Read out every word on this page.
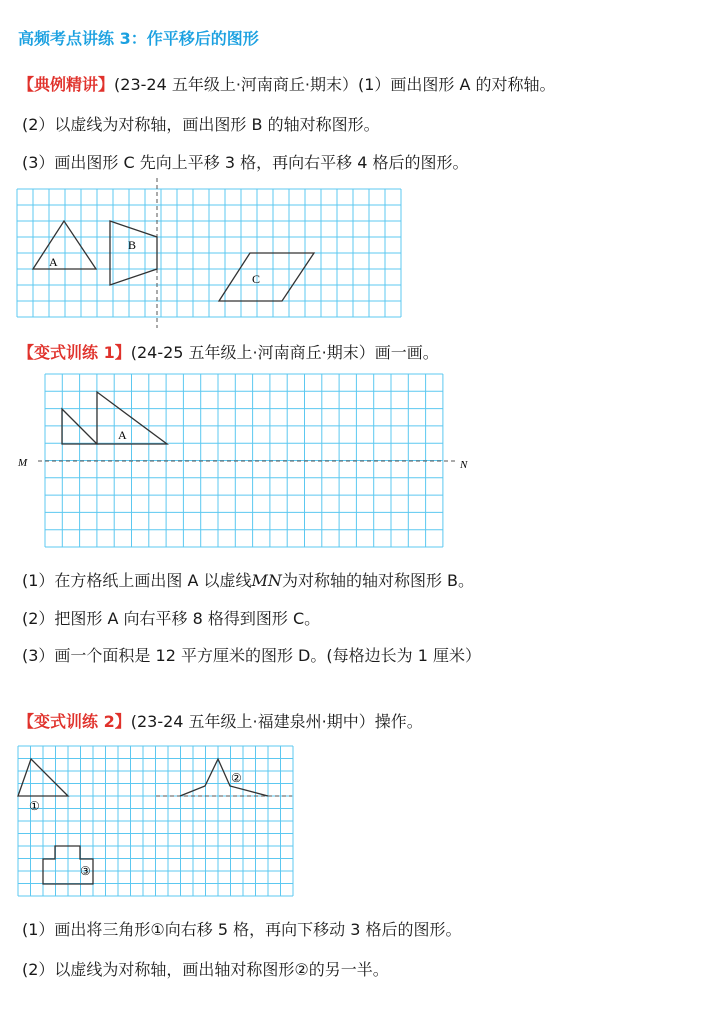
高频考点讲练 3：作平移后的图形
【典例精讲】(23-24 五年级上·河南商丘·期末）(1）画出图形 A 的对称轴。
(2）以虚线为对称轴，画出图形 B 的轴对称图形。
(3）画出图形 C 先向上平移 3 格，再向右平移 4 格后的图形。
A
B
C
【变式训练 1】(24-25 五年级上·河南商丘·期末）画一画。
M	N
A
(1）在方格纸上画出图 A 以虚线MN为对称轴的轴对称图形 B。
(2）把图形 A 向右平移 8 格得到图形 C。
(3）画一个面积是 12 平方厘米的图形 D。(每格边长为 1 厘米）
【变式训练 2】(23-24 五年级上·福建泉州·期中）操作。
①
②
③
(1）画出将三角形①向右移 5 格，再向下移动 3 格后的图形。
(2）以虚线为对称轴，画出轴对称图形②的另一半。
